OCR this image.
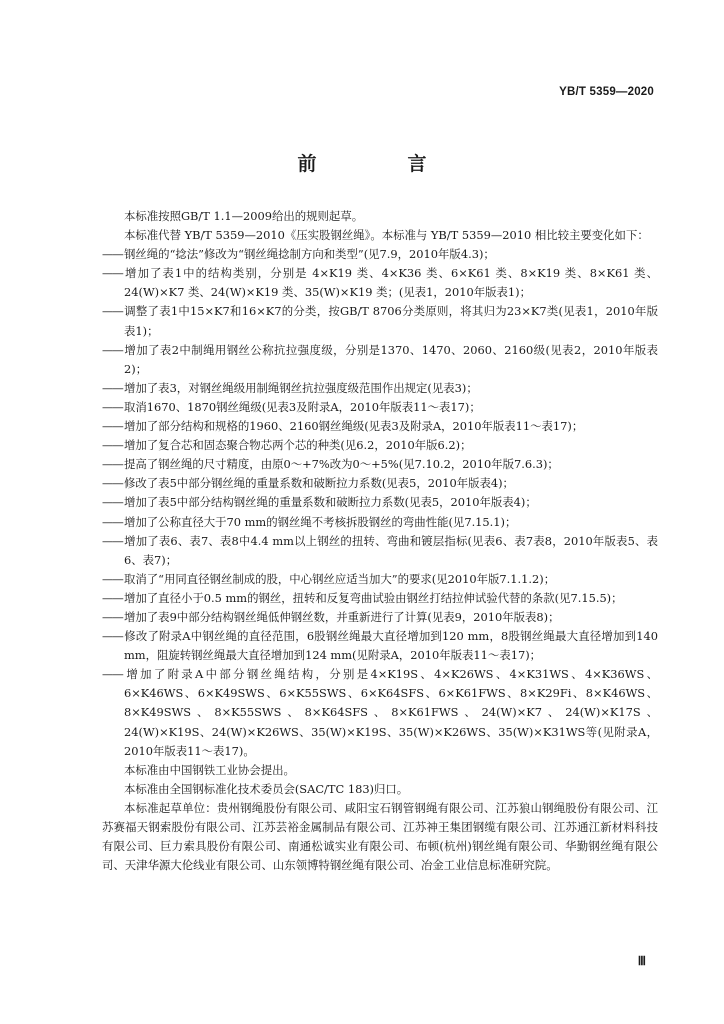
YB/T 5359—2020
前　言

本标准按照GB/T 1.1—2009给出的规则起草。

本标准代替 YB/T 5359—2010《压实股钢丝绳》。本标准与 YB/T 5359—2010 相比较主要变化如下：

——钢丝绳的“捻法”修改为“钢丝绳捻制方向和类型”(见7.9，2010年版4.3)；

——增加了表1中的结构类别，分别是 4×K19 类、4×K36 类、6×K61 类、8×K19 类、8×K61 类、24(W)×K7 类、24(W)×K19 类、35(W)×K19 类；(见表1，2010年版表1)；

——调整了表1中15×K7和16×K7的分类，按GB/T 8706分类原则，将其归为23×K7类(见表1，2010年版表1)；

——增加了表2中制绳用钢丝公称抗拉强度级，分别是1370、1470、2060、2160级(见表2，2010年版表2)；

——增加了表3，对钢丝绳级用制绳钢丝抗拉强度级范围作出规定(见表3)；

——取消1670、1870钢丝绳级(见表3及附录A，2010年版表11～表17)；

——增加了部分结构和规格的1960、2160钢丝绳级(见表3及附录A，2010年版表11～表17)；

——增加了复合芯和固态聚合物芯两个芯的种类(见6.2，2010年版6.2)；

——提高了钢丝绳的尺寸精度，由原0～+7%改为0～+5%(见7.10.2，2010年版7.6.3)；

——修改了表5中部分钢丝绳的重量系数和破断拉力系数(见表5，2010年版表4)；

——增加了表5中部分结构钢丝绳的重量系数和破断拉力系数(见表5，2010年版表4)；

——增加了公称直径大于70 mm的钢丝绳不考核拆股钢丝的弯曲性能(见7.15.1)；

——增加了表6、表7、表8中4.4 mm以上钢丝的扭转、弯曲和镀层指标(见表6、表7表8，2010年版表5、表6、表7)；

——取消了“用同直径钢丝制成的股，中心钢丝应适当加大”的要求(见2010年版7.1.1.2)；

——增加了直径小于0.5 mm的钢丝，扭转和反复弯曲试验由钢丝打结拉伸试验代替的条款(见7.15.5)；

——增加了表9中部分结构钢丝绳低伸钢丝数，并重新进行了计算(见表9，2010年版表8)；

——修改了附录A中钢丝绳的直径范围，6股钢丝绳最大直径增加到120 mm，8股钢丝绳最大直径增加到140 mm，阻旋转钢丝绳最大直径增加到124 mm(见附录A，2010年版表11～表17)；

——增加了附录A中部分钢丝绳结构，分别是4×K19S、4×K26WS、4×K31WS、4×K36WS、6×K46WS、6×K49SWS、6×K55SWS、6×K64SFS、6×K61FWS、8×K29Fi、8×K46WS、8×K49SWS、8×K55SWS、8×K64SFS、8×K61FWS、24(W)×K7、24(W)×K17S、24(W)×K19S、24(W)×K26WS、35(W)×K19S、35(W)×K26WS、35(W)×K31WS等(见附录A，2010年版表11～表17)。

本标准由中国钢铁工业协会提出。

本标准由全国钢标准化技术委员会(SAC/TC 183)归口。

本标准起草单位：贵州钢绳股份有限公司、咸阳宝石钢管钢绳有限公司、江苏狼山钢绳股份有限公司、江苏赛福天钢索股份有限公司、江苏芸裕金属制品有限公司、江苏神王集团钢缆有限公司、江苏通江新材料科技有限公司、巨力索具股份有限公司、南通松诚实业有限公司、布顿(杭州)钢丝绳有限公司、华勤钢丝绳有限公司、天津华源大伦线业有限公司、山东领博特钢丝绳有限公司、冶金工业信息标准研究院。

Ⅲ
